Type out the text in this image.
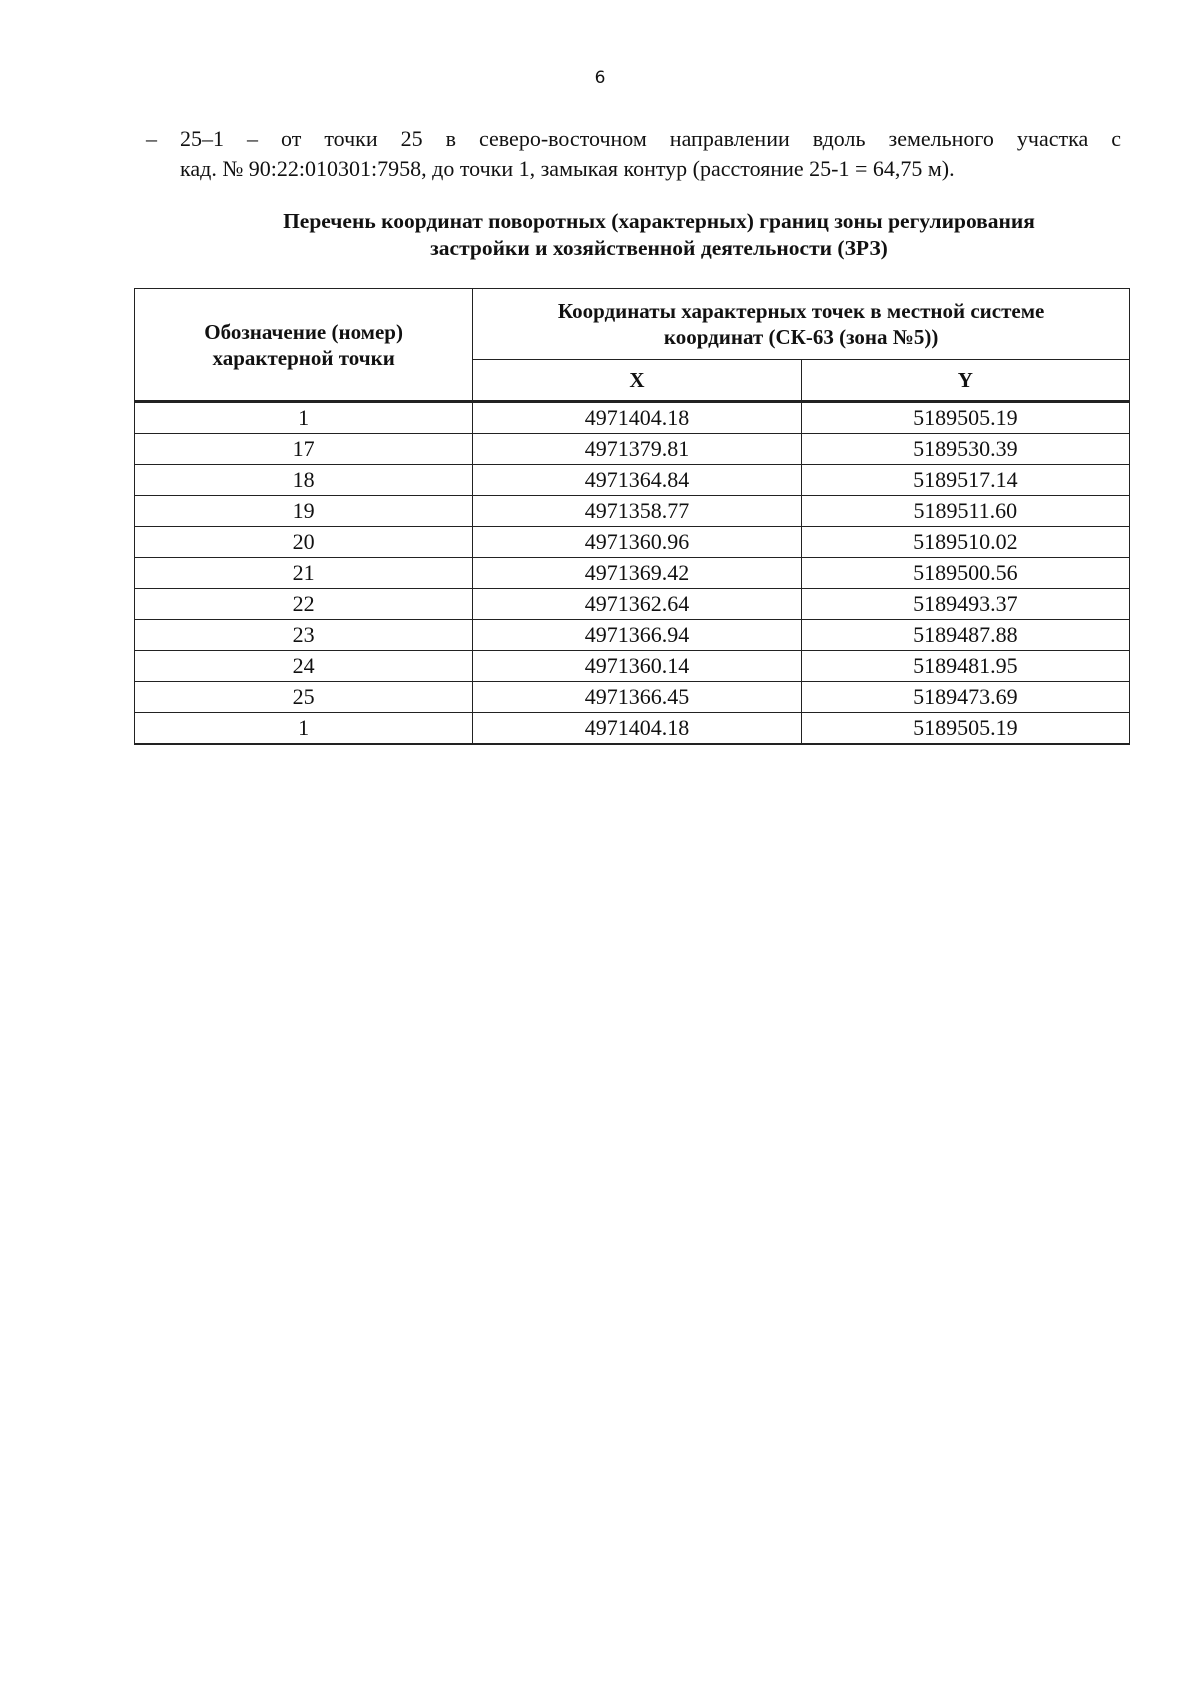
6
– 25–1 – от точки 25 в северо-восточном направлении вдоль земельного участка с
кад. № 90:22:010301:7958, до точки 1, замыкая контур (расстояние 25-1 = 64,75 м).
Перечень координат поворотных (характерных) границ зоны регулирования
застройки и хозяйственной деятельности (ЗРЗ)
Обозначение (номер) характерной точки	Координаты характерных точек в местной системе координат (СК-63 (зона №5))	
	X	Y
1	4971404.18	5189505.19
17	4971379.81	5189530.39
18	4971364.84	5189517.14
19	4971358.77	5189511.60
20	4971360.96	5189510.02
21	4971369.42	5189500.56
22	4971362.64	5189493.37
23	4971366.94	5189487.88
24	4971360.14	5189481.95
25	4971366.45	5189473.69
1	4971404.18	5189505.19
